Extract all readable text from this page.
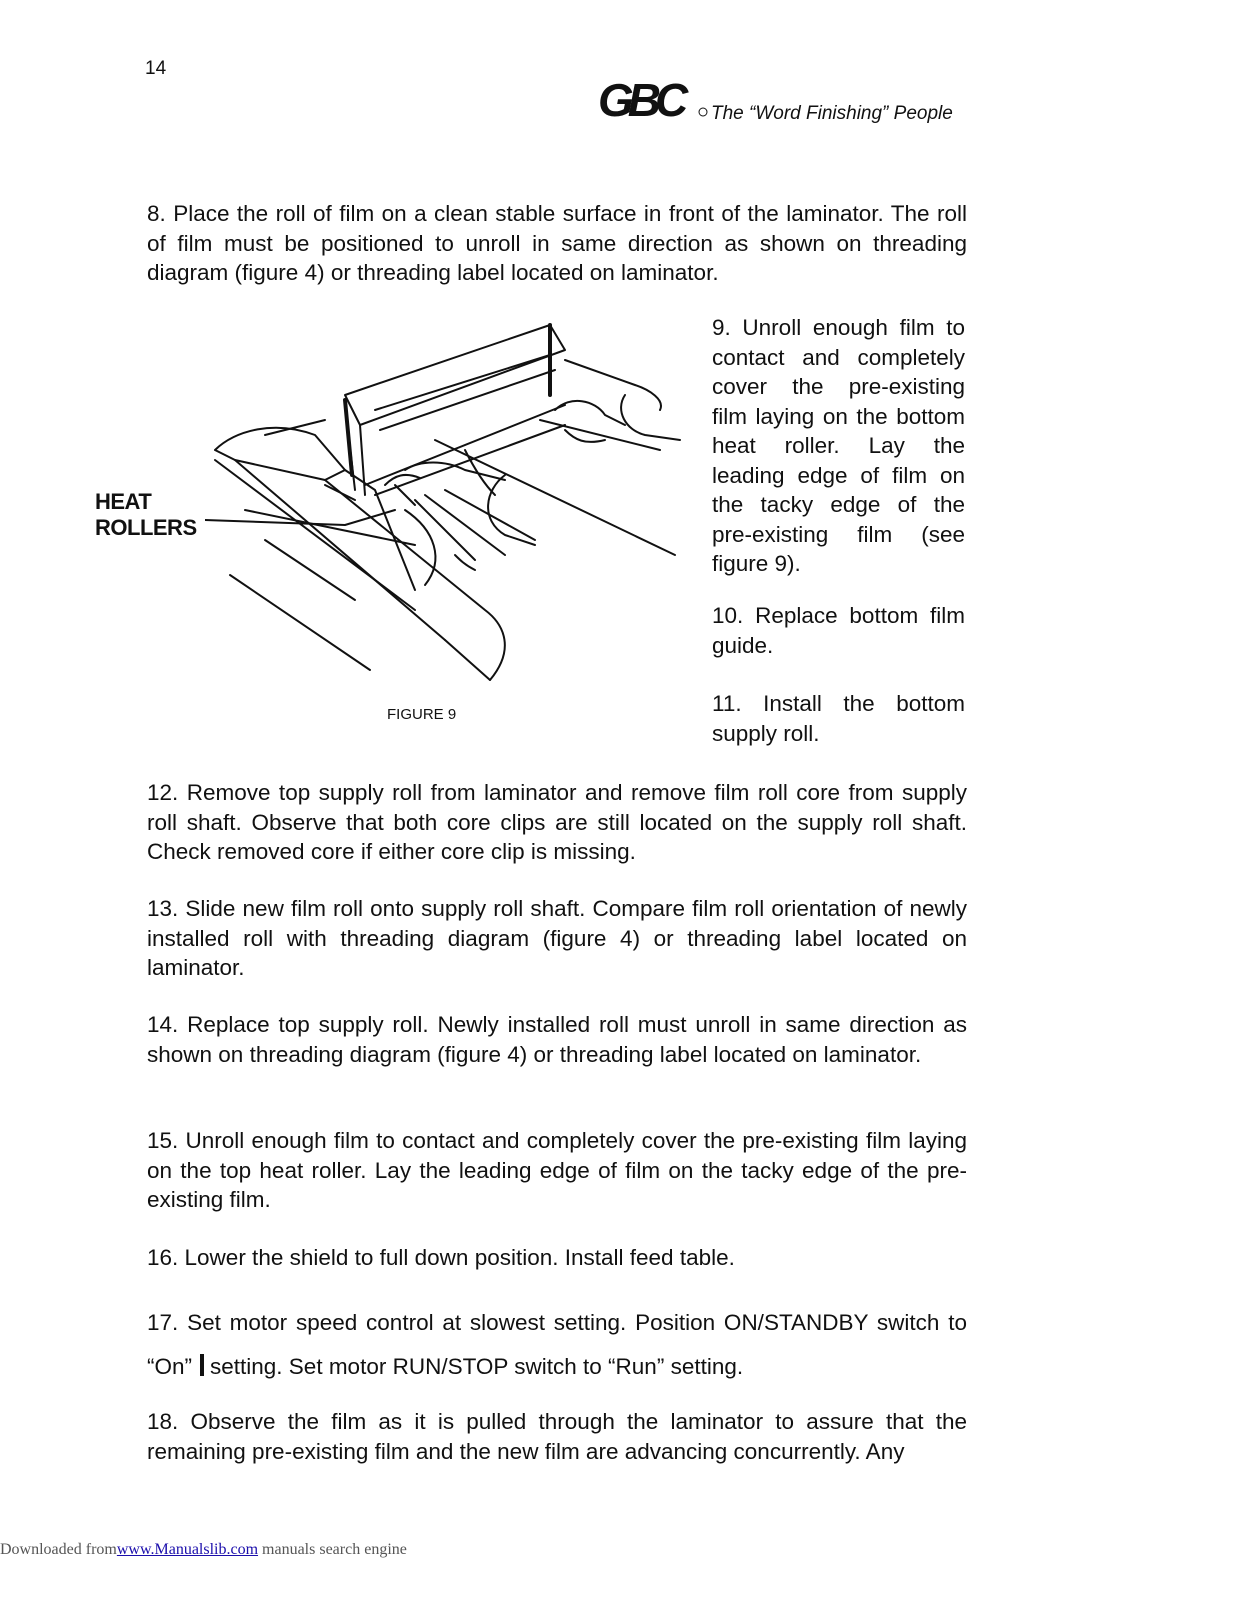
14
GBC	The “Word Finishing” People
8. Place the roll of film on a clean stable surface in front of the laminator. The roll of film must be positioned to unroll in same direction as shown on threading diagram (figure 4) or threading label located on laminator.
HEAT
ROLLERS
FIGURE 9
9. Unroll enough film to contact and completely cover the pre-existing film laying on the bottom heat roller. Lay the leading edge of film on the tacky edge of the pre-existing film (see figure 9).
10. Replace bottom film guide.
11. Install the bottom supply roll.
12. Remove top supply roll from laminator and remove film roll core from supply roll shaft. Observe that both core clips are still located on the supply roll shaft. Check removed core if either core clip is missing.
13. Slide new film roll onto supply roll shaft. Compare film roll orientation of newly installed roll with threading diagram (figure 4) or threading label located on laminator.
14. Replace top supply roll. Newly installed roll must unroll in same direction as shown on threading diagram (figure 4) or threading label located on laminator.
15. Unroll enough film to contact and completely cover the pre-existing film laying on the top heat roller. Lay the leading edge of film on the tacky edge of the pre-existing film.
16. Lower the shield to full down position. Install feed table.
17. Set motor speed control at slowest setting. Position ON/STANDBY switch to “On” setting. Set motor RUN/STOP switch to “Run” setting.
18. Observe the film as it is pulled through the laminator to assure that the remaining pre-existing film and the new film are advancing concurrently. Any
Downloaded fromwww.Manualslib.com manuals search engine
